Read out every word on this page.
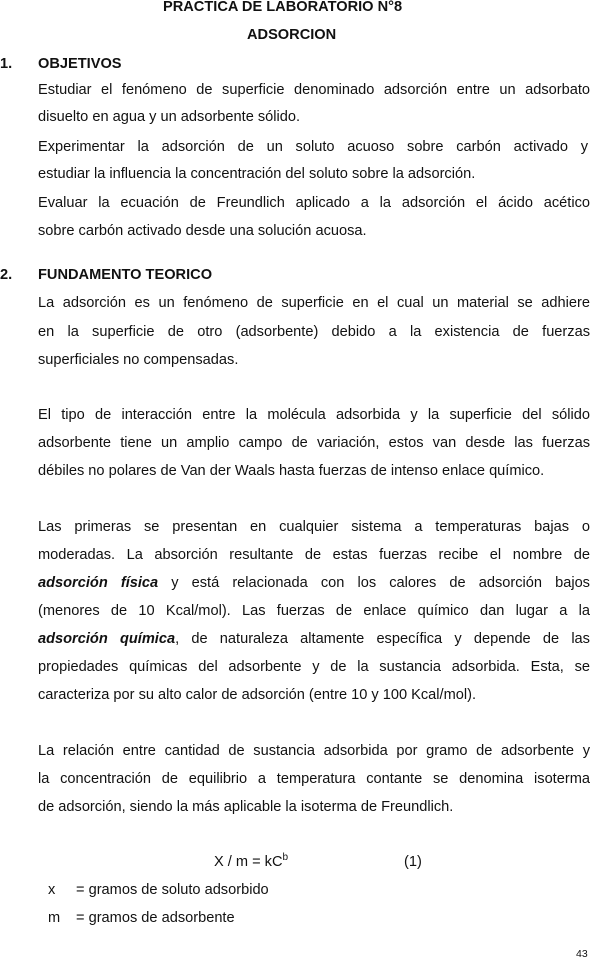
PRACTICA DE LABORATORIO N°8
ADSORCION
1. OBJETIVOS
Estudiar el fenómeno de superficie denominado adsorción entre un adsorbato
disuelto en agua y un adsorbente sólido.
Experimentar la adsorción de un soluto acuoso sobre carbón activado y
estudiar la influencia la concentración del soluto sobre la adsorción.
Evaluar la ecuación de Freundlich aplicado a la adsorción el ácido acético
sobre carbón activado desde una solución acuosa.
2. FUNDAMENTO TEORICO
La adsorción es un fenómeno de superficie en el cual un material se adhiere
en la superficie de otro (adsorbente) debido a la existencia de fuerzas
superficiales no compensadas.
El tipo de interacción entre la molécula adsorbida y la superficie del sólido
adsorbente tiene un amplio campo de variación, estos van desde las fuerzas
débiles no polares de Van der Waals hasta fuerzas de intenso enlace químico.
Las primeras se presentan en cualquier sistema a temperaturas bajas o
moderadas. La absorción resultante de estas fuerzas recibe el nombre de
adsorción física y está relacionada con los calores de adsorción bajos
(menores de 10 Kcal/mol). Las fuerzas de enlace químico dan lugar a la
adsorción química, de naturaleza altamente específica y depende de las
propiedades químicas del adsorbente y de la sustancia adsorbida. Esta, se
caracteriza por su alto calor de adsorción (entre 10 y 100 Kcal/mol).
La relación entre cantidad de sustancia adsorbida por gramo de adsorbente y
la concentración de equilibrio a temperatura contante se denomina isoterma
de adsorción, siendo la más aplicable la isoterma de Freundlich.
$X / m = kC^b$	(1)
x = gramos de soluto adsorbido
m = gramos de adsorbente
43
